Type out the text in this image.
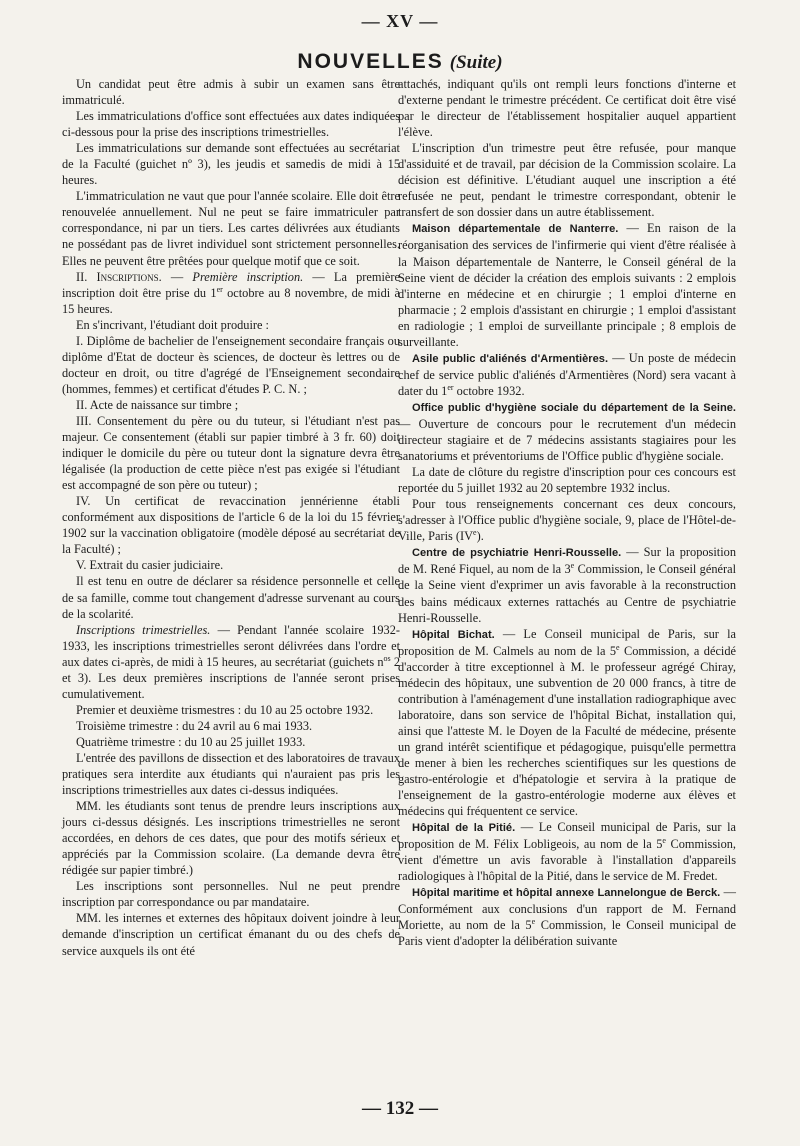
— XV —
NOUVELLES (Suite)

Un candidat peut être admis à subir un examen sans être immatriculé.

Les immatriculations d'office sont effectuées aux dates indiquées ci-dessous pour la prise des inscriptions trimestrielles.

Les immatriculations sur demande sont effectuées au secrétariat de la Faculté (guichet nº 3), les jeudis et samedis de midi à 15 heures.

L'immatriculation ne vaut que pour l'année scolaire. Elle doit être renouvelée annuellement. Nul ne peut se faire immatriculer par correspondance, ni par un tiers. Les cartes délivrées aux étudiants ne possédant pas de livret individuel sont strictement personnelles. Elles ne peuvent être prêtées pour quelque motif que ce soit.

II. Inscriptions. — Première inscription. — La première inscription doit être prise du 1er octobre au 8 novembre, de midi à 15 heures.

En s'incrivant, l'étudiant doit produire :

I. Diplôme de bachelier de l'enseignement secondaire français ou diplôme d'Etat de docteur ès sciences, de docteur ès lettres ou de docteur en droit, ou titre d'agrégé de l'Enseignement secondaire (hommes, femmes) et certificat d'études P. C. N. ;

II. Acte de naissance sur timbre ;

III. Consentement du père ou du tuteur, si l'étudiant n'est pas majeur. Ce consentement (établi sur papier timbré à 3 fr. 60) doit indiquer le domicile du père ou tuteur dont la signature devra être légalisée (la production de cette pièce n'est pas exigée si l'étudiant est accompagné de son père ou tuteur) ;

IV. Un certificat de revaccination jennérienne établi conformément aux dispositions de l'article 6 de la loi du 15 février 1902 sur la vaccination obligatoire (modèle déposé au secrétariat de la Faculté) ;

V. Extrait du casier judiciaire.

Il est tenu en outre de déclarer sa résidence personnelle et celle de sa famille, comme tout changement d'adresse survenant au cours de la scolarité.

Inscriptions trimestrielles. — Pendant l'année scolaire 1932-1933, les inscriptions trimestrielles seront délivrées dans l'ordre et aux dates ci-après, de midi à 15 heures, au secrétariat (guichets $n^{os}$ 2 et 3). Les deux premières inscriptions de l'année seront prises cumulativement.

Premier et deuxième trismestres : du 10 au 25 octobre 1932.

Troisième trimestre : du 24 avril au 6 mai 1933.

Quatrième trimestre : du 10 au 25 juillet 1933.

L'entrée des pavillons de dissection et des laboratoires de travaux pratiques sera interdite aux étudiants qui n'auraient pas pris les inscriptions trimestrielles aux dates ci-dessus indiquées.

MM. les étudiants sont tenus de prendre leurs inscriptions aux jours ci-dessus désignés. Les inscriptions trimestrielles ne seront accordées, en dehors de ces dates, que pour des motifs sérieux et appréciés par la Commission scolaire. (La demande devra être rédigée sur papier timbré.)

Les inscriptions sont personnelles. Nul ne peut prendre inscription par correspondance ou par mandataire.

MM. les internes et externes des hôpitaux doivent joindre à leur demande d'inscription un certificat émanant du ou des chefs de service auxquels ils ont été

attachés, indiquant qu'ils ont rempli leurs fonctions d'interne et d'externe pendant le trimestre précédent. Ce certificat doit être visé par le directeur de l'établissement hospitalier auquel appartient l'élève.

L'inscription d'un trimestre peut être refusée, pour manque d'assiduité et de travail, par décision de la Commission scolaire. La décision est définitive. L'étudiant auquel une inscription a été refusée ne peut, pendant le trimestre correspondant, obtenir le transfert de son dossier dans un autre établissement.

Maison départementale de Nanterre. — En raison de la réorganisation des services de l'infirmerie qui vient d'être réalisée à la Maison départementale de Nanterre, le Conseil général de la Seine vient de décider la création des emplois suivants : 2 emplois d'interne en médecine et en chirurgie ; 1 emploi d'interne en pharmacie ; 2 emplois d'assistant en chirurgie ; 1 emploi d'assistant en radiologie ; 1 emploi de surveillante principale ; 8 emplois de surveillante.

Asile public d'aliénés d'Armentières. — Un poste de médecin chef de service public d'aliénés d'Armentières (Nord) sera vacant à dater du 1er octobre 1932.

Office public d'hygiène sociale du département de la Seine. — Ouverture de concours pour le recrutement d'un médecin directeur stagiaire et de 7 médecins assistants stagiaires pour les sanatoriums et préventoriums de l'Office public d'hygiène sociale.

La date de clôture du registre d'inscription pour ces concours est reportée du 5 juillet 1932 au 20 septembre 1932 inclus.

Pour tous renseignements concernant ces deux concours, s'adresser à l'Office public d'hygiène sociale, 9, place de l'Hôtel-de-Ville, Paris (IVe).

Centre de psychiatrie Henri-Rousselle. — Sur la proposition de M. René Fiquel, au nom de la 3e Commission, le Conseil général de la Seine vient d'exprimer un avis favorable à la reconstruction des bains médicaux externes rattachés au Centre de psychiatrie Henri-Rousselle.

Hôpital Bichat. — Le Conseil municipal de Paris, sur la proposition de M. Calmels au nom de la 5e Commission, a décidé d'accorder à titre exceptionnel à M. le professeur agrégé Chiray, médecin des hôpitaux, une subvention de 20 000 francs, à titre de contribution à l'aménagement d'une installation radiographique avec laboratoire, dans son service de l'hôpital Bichat, installation qui, ainsi que l'atteste M. le Doyen de la Faculté de médecine, présente un grand intérêt scientifique et pédagogique, puisqu'elle permettra de mener à bien les recherches scientifiques sur les questions de gastro-entérologie et d'hépatologie et servira à la pratique de l'enseignement de la gastro-entérologie moderne aux élèves et médecins qui fréquentent ce service.

Hôpital de la Pitié. — Le Conseil municipal de Paris, sur la proposition de M. Félix Lobligeois, au nom de la 5e Commission, vient d'émettre un avis favorable à l'installation d'appareils radiologiques à l'hôpital de la Pitié, dans le service de M. Fredet.

Hôpital maritime et hôpital annexe Lannelongue de Berck. — Conformément aux conclusions d'un rapport de M. Fernand Moriette, au nom de la 5e Commission, le Conseil municipal de Paris vient d'adopter la délibération suivante

— 132 —
